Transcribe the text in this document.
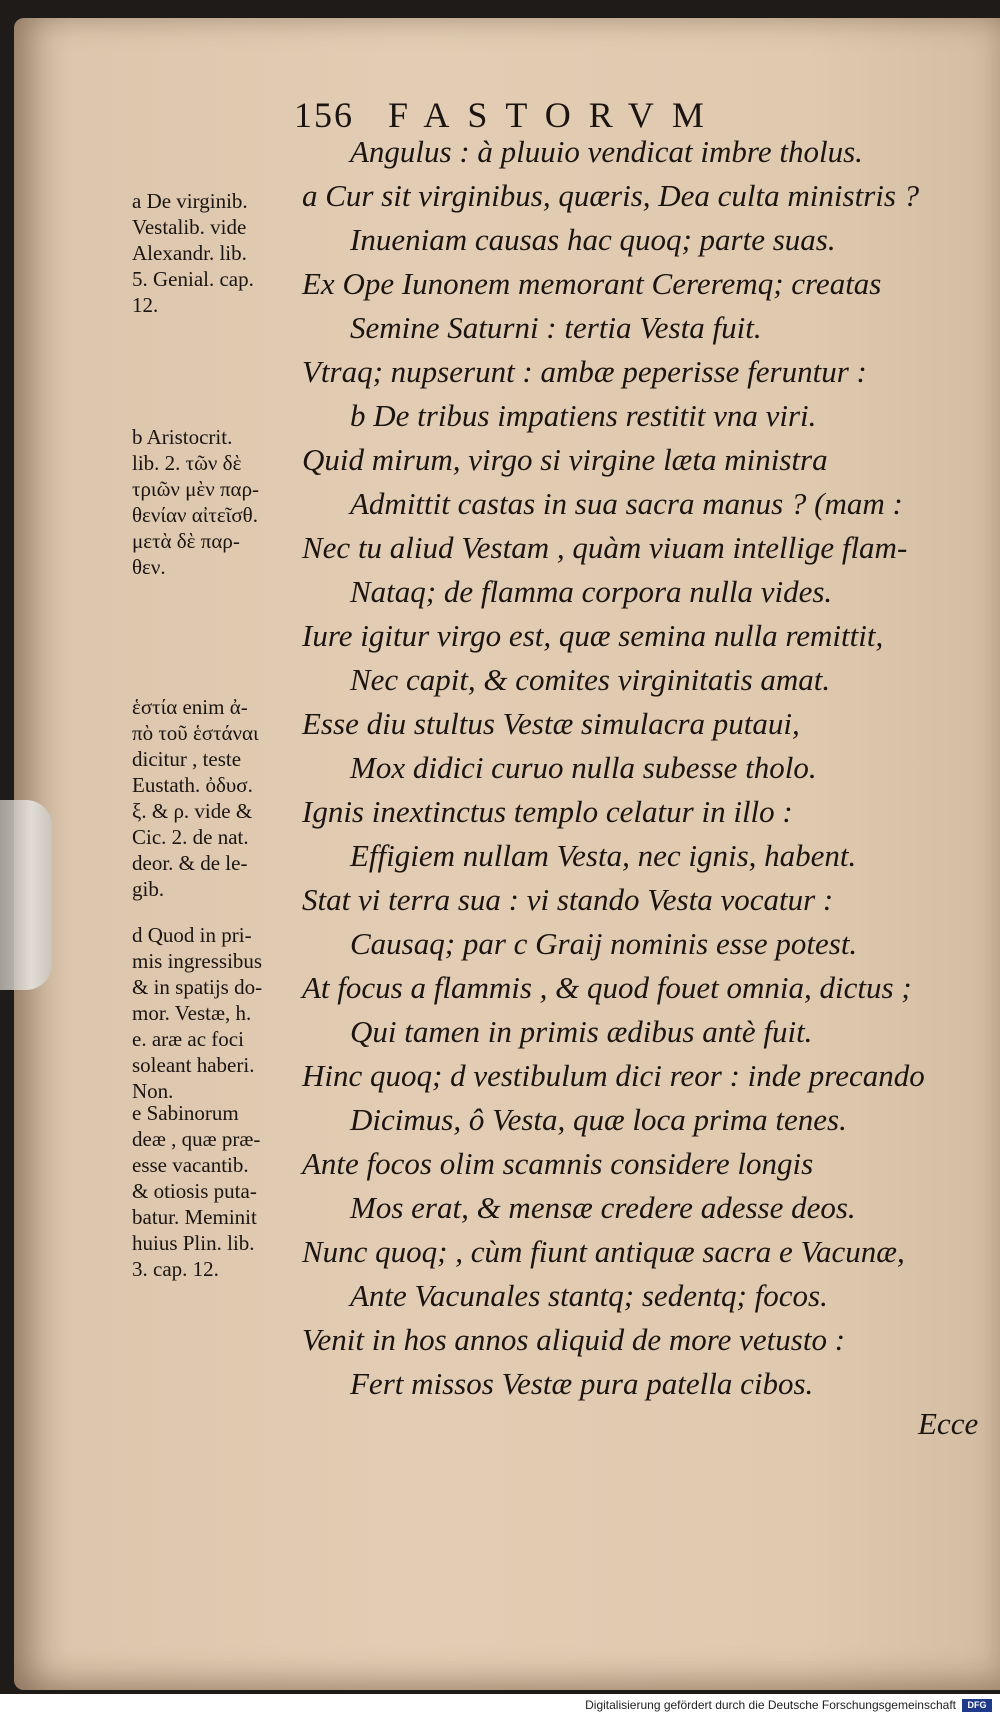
156 FASTORVM
a De virginib.
Vestalib. vide
Alexandr. lib.
5. Genial. cap.
12.
b Aristocrit.
lib. 2. τῶν δὲ
τριῶν μὲν παρ-
θενίαν αἰτεῖσθ.
μετὰ δὲ παρ-
θεν.
ἑστία enim ἀ-
πὸ τοῦ ἑστάναι
dicitur , teste
Eustath. ὀδυσ.
ξ. & ρ. vide &
Cic. 2. de nat.
deor. & de le-
gib.
d Quod in pri-
mis ingressibus
& in spatijs do-
mor. Vestæ, h.
e. aræ ac foci
soleant haberi.
Non.
e Sabinorum
deæ , quæ præ-
esse vacantib.
& otiosis puta-
batur. Meminit
huius Plin. lib.
3. cap. 12.
Angulus : à pluuio vendicat imbre tholus.
a Cur sit virginibus, quæris, Dea culta ministris ?
Inueniam causas hac quoq; parte suas.
Ex Ope Iunonem memorant Cereremq; creatas
Semine Saturni : tertia Vesta fuit.
Vtraq; nupserunt : ambæ peperisse feruntur :
b De tribus impatiens restitit vna viri.
Quid mirum, virgo si virgine læta ministra
Admittit castas in sua sacra manus ? (mam :
Nec tu aliud Vestam , quàm viuam intellige flam-
Nataq; de flamma corpora nulla vides.
Iure igitur virgo est, quæ semina nulla remittit,
Nec capit, & comites virginitatis amat.
Esse diu stultus Vestæ simulacra putaui,
Mox didici curuo nulla subesse tholo.
Ignis inextinctus templo celatur in illo :
Effigiem nullam Vesta, nec ignis, habent.
Stat vi terra sua : vi stando Vesta vocatur :
Causaq; par c Graij nominis esse potest.
At focus a flammis , & quod fouet omnia, dictus ;
Qui tamen in primis ædibus antè fuit.
Hinc quoq; d vestibulum dici reor : inde precando
Dicimus, ô Vesta, quæ loca prima tenes.
Ante focos olim scamnis considere longis
Mos erat, & mensæ credere adesse deos.
Nunc quoq; , cùm fiunt antiquæ sacra e Vacunæ,
Ante Vacunales stantq; sedentq; focos.
Venit in hos annos aliquid de more vetusto :
Fert missos Vestæ pura patella cibos.
Ecce
Digitalisierung gefördert durch die Deutsche Forschungsgemeinschaft DFG
